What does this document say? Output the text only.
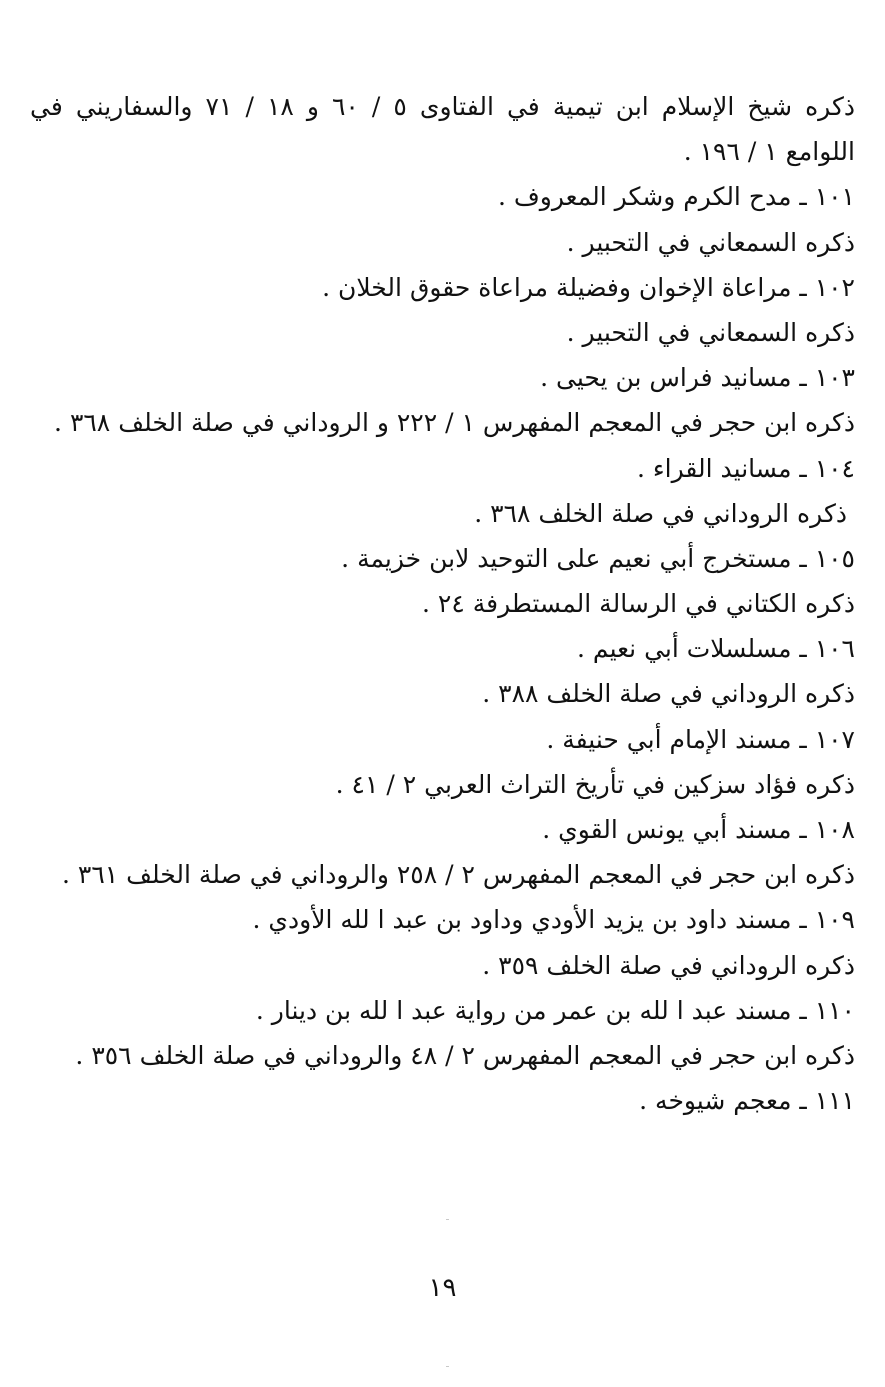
ذكره شيخ الإسلام ابن تيمية في الفتاوى ٥ / ٦٠ و ١٨ / ٧١ والسفاريني في
اللوامع ١ / ١٩٦ .
١٠١ ـ مدح الكرم وشكر المعروف .
ذكره السمعاني في التحبير .
١٠٢ ـ مراعاة الإخوان وفضيلة مراعاة حقوق الخلان .
ذكره السمعاني في التحبير .
١٠٣ ـ مسانيد فراس بن يحيى .
ذكره ابن حجر في المعجم المفهرس ١ / ٢٢٢ و الروداني في صلة الخلف ٣٦٨ .
١٠٤ ـ مسانيد القراء .
ذكره الروداني في صلة الخلف ٣٦٨ .
١٠٥ ـ مستخرج أبي نعيم على التوحيد لابن خزيمة .
ذكره الكتاني في الرسالة المستطرفة ٢٤ .
١٠٦ ـ مسلسلات أبي نعيم .
ذكره الروداني في صلة الخلف ٣٨٨ .
١٠٧ ـ مسند الإمام أبي حنيفة .
ذكره فؤاد سزكين في تأريخ التراث العربي ٢ / ٤١ .
١٠٨ ـ مسند أبي يونس القوي .
ذكره ابن حجر في المعجم المفهرس ٢ / ٢٥٨ والروداني في صلة الخلف ٣٦١ .
١٠٩ ـ مسند داود بن يزيد الأودي وداود بن عبد ا لله الأودي .
ذكره الروداني في صلة الخلف ٣٥٩ .
١١٠ ـ مسند عبد ا لله بن عمر من رواية عبد ا لله بن دينار .
ذكره ابن حجر في المعجم المفهرس ٢ / ٤٨ والروداني في صلة الخلف ٣٥٦ .
١١١ ـ معجم شيوخه .
١٩
